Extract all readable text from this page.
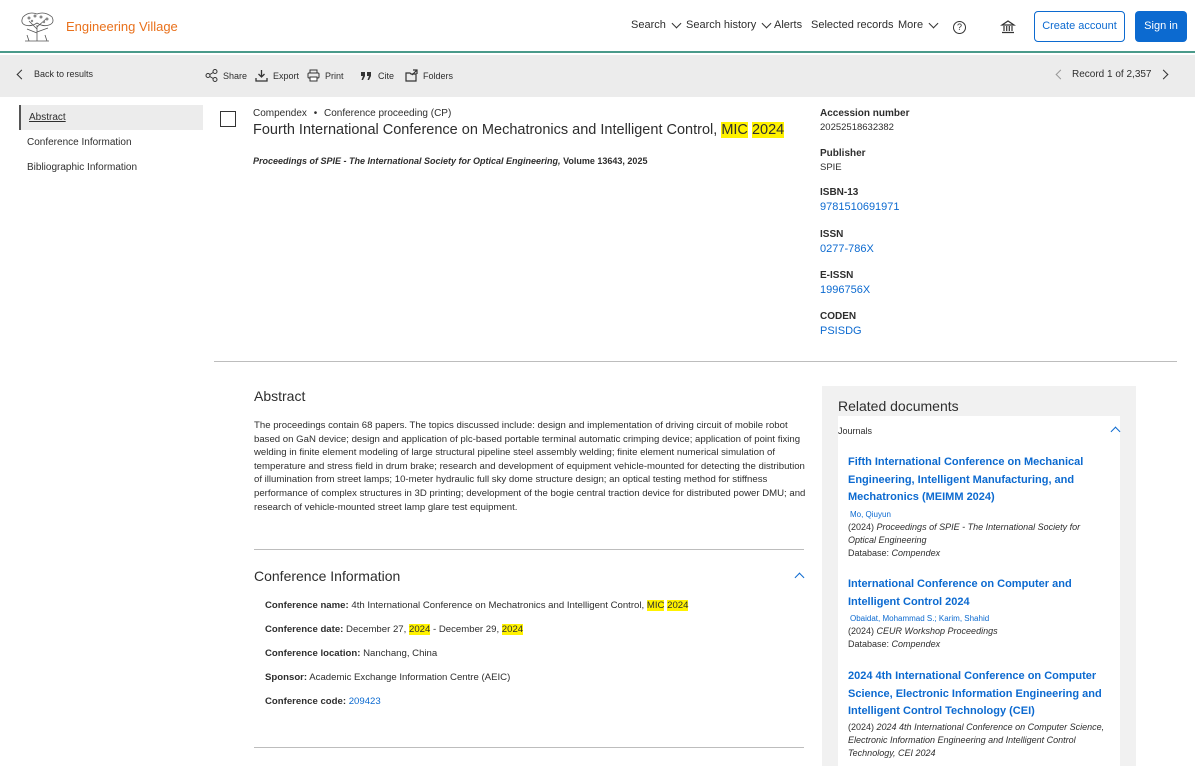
Engineering Village	Search Search history Alerts Selected records More	?	Create account	Sign in
Back to results	Share	Export	Print	Cite	Folders	Record 1 of 2,357
Abstract
Conference Information
Bibliographic Information
Compendex • Conference proceeding (CP)
Fourth International Conference on Mechatronics and Intelligent Control, MIC 2024
Proceedings of SPIE - The International Society for Optical Engineering, Volume 13643, 2025
Accession number
20252518632382
Publisher
SPIE
ISBN-13
9781510691971
ISSN
0277-786X
E-ISSN
1996756X
CODEN
PSISDG
Abstract
The proceedings contain 68 papers. The topics discussed include: design and implementation of driving circuit of mobile robot based on GaN device; design and application of plc-based portable terminal automatic crimping device; application of point fixing welding in finite element modeling of large structural pipeline steel assembly welding; finite element numerical simulation of temperature and stress field in drum brake; research and development of equipment vehicle-mounted for detecting the distribution of illumination from street lamps; 10-meter hydraulic full sky dome structure design; an optical testing method for stiffness performance of complex structures in 3D printing; development of the bogie central traction device for distributed power DMU; and research of vehicle-mounted street lamp glare test equipment.
Conference Information
Conference name: 4th International Conference on Mechatronics and Intelligent Control, MIC 2024
Conference date: December 27, 2024 - December 29, 2024
Conference location: Nanchang, China
Sponsor: Academic Exchange Information Centre (AEIC)
Conference code: 209423
Related documents
Journals
Fifth International Conference on Mechanical Engineering, Intelligent Manufacturing, and Mechatronics (MEIMM 2024)
Mo, Qiuyun
(2024) Proceedings of SPIE - The International Society for Optical Engineering
Database: Compendex
International Conference on Computer and Intelligent Control 2024
Obaidat, Mohammad S.; Karim, Shahid
(2024) CEUR Workshop Proceedings
Database: Compendex
2024 4th International Conference on Computer Science, Electronic Information Engineering and Intelligent Control Technology (CEI)
(2024) 2024 4th International Conference on Computer Science, Electronic Information Engineering and Intelligent Control Technology, CEI 2024
